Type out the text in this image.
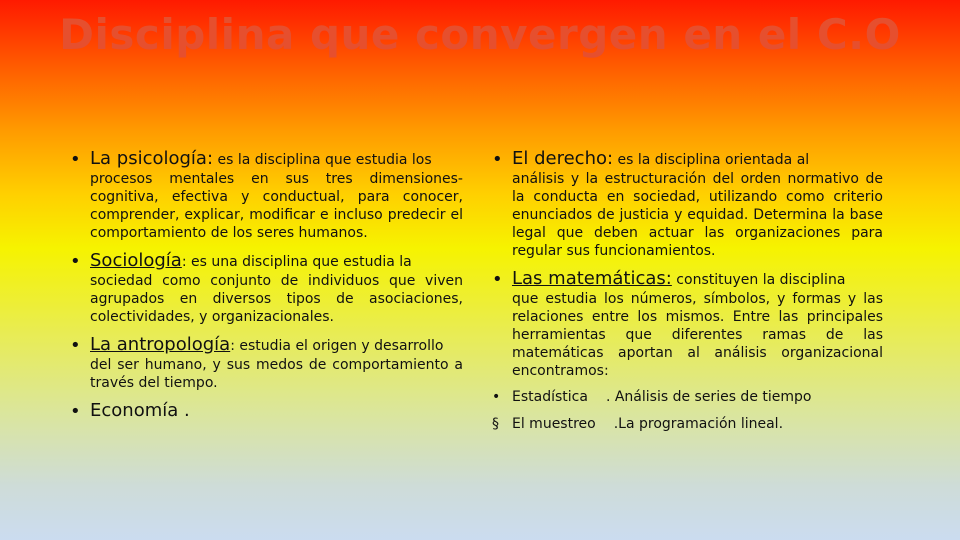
Disciplina que convergen en el C.O
• La psicología: es la disciplina que estudia los
procesos mentales en sus tres dimensiones-cognitiva, efectiva y conductual, para conocer, comprender, explicar, modificar e incluso predecir el comportamiento de los seres humanos.
• Sociología: es una disciplina que estudia la
sociedad como conjunto de individuos que viven agrupados en diversos tipos de asociaciones, colectividades, y organizacionales.
• La antropología: estudia el origen y desarrollo
del ser humano, y sus medos de comportamiento a través del tiempo.
• Economía .
• El derecho: es la disciplina orientada al
análisis y la estructuración del orden normativo de la conducta en sociedad, utilizando como criterio enunciados de justicia y equidad. Determina la base legal que deben actuar las organizaciones para regular sus funcionamientos.
• Las matemáticas: constituyen la disciplina
que estudia los números, símbolos, y formas y las relaciones entre los mismos. Entre las principales herramientas que diferentes ramas de las matemáticas aportan al análisis organizacional encontramos:
• Estadística . Análisis de series de tiempo
§ El muestreo .La programación lineal.
